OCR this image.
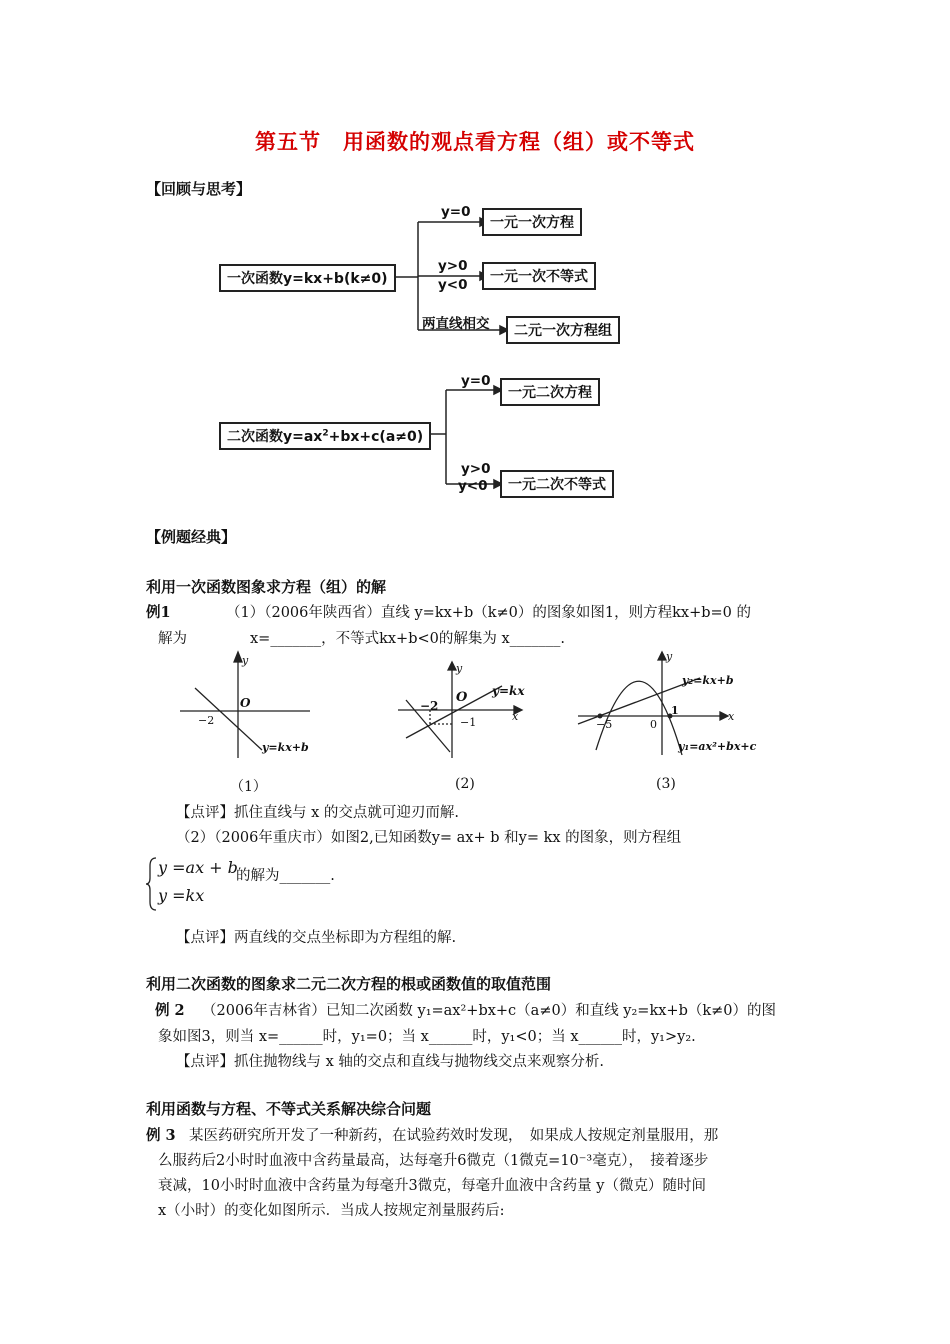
第五节　用函数的观点看方程（组）或不等式
【回顾与思考】
一次函数y=kx+b(k≠0)
y=0
一元一次方程
y>0
y<0	一元一次不等式
两直线相交	二元一次方程组
二次函数$y=ax^2+bx+c(a\ne 0)$
y=0
一元二次方程
y>0
y<0	一元二次不等式
【例题经典】
利用一次函数图象求方程（组）的解
例1	（1）（2006年陕西省）直线 y=kx+b（k≠0）的图象如图1，则方程kx+b=0 的
解为	x=_______，不等式kx+b<0的解集为 x_______.
y
O
−2
y=kx+b
y
O y=kx
−2
−1	x
y
y₂=kx+b
−5	0
1	x
y₁=ax²+bx+c
（1）	(2)	(3)
【点评】抓住直线与 x 的交点就可迎刃而解.
（2）（2006年重庆市）如图2,已知函数y= ax+ b 和y= kx 的图象，则方程组
y =ax + b
y =kx
的解为_______.
【点评】两直线的交点坐标即为方程组的解.
利用二次函数的图象求二元二次方程的根或函数值的取值范围
例 2 （2006年吉林省）已知二次函数 y₁=ax²+bx+c（a≠0）和直线 y₂=kx+b（k≠0）的图
象如图3，则当 x=______时，y₁=0；当 x______时，y₁<0；当 x______时，y₁>y₂.
【点评】抓住抛物线与 x 轴的交点和直线与抛物线交点来观察分析.
利用函数与方程、不等式关系解决综合问题
例 3 某医药研究所开发了一种新药，在试验药效时发现，　如果成人按规定剂量服用，那
么服药后2小时时血液中含药量最高，达每毫升6微克（1微克=10⁻³毫克），　接着逐步
衰减，10小时时血液中含药量为每毫升3微克，每毫升血液中含药量 y（微克）随时间
x（小时）的变化如图所示．当成人按规定剂量服药后:
